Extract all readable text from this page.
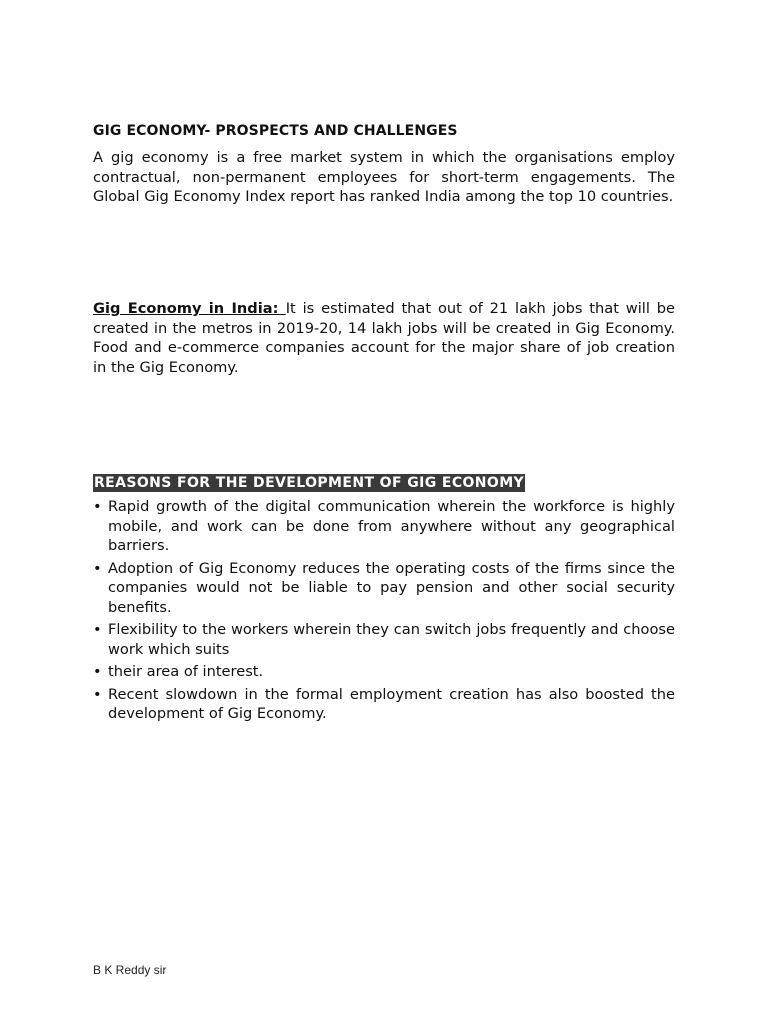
GIG ECONOMY- PROSPECTS AND CHALLENGES

A gig economy is a free market system in which the organisations employ contractual, non-permanent employees for short-term engagements. The Global Gig Economy Index report has ranked India among the top 10 countries.

Gig Economy in India: It is estimated that out of 21 lakh jobs that will be created in the metros in 2019-20, 14 lakh jobs will be created in Gig Economy. Food and e-commerce companies account for the major share of job creation in the Gig Economy.

REASONS FOR THE DEVELOPMENT OF GIG ECONOMY
• Rapid growth of the digital communication wherein the workforce is highly mobile, and work can be done from anywhere without any geographical barriers.
• Adoption of Gig Economy reduces the operating costs of the firms since the companies would not be liable to pay pension and other social security benefits.
• Flexibility to the workers wherein they can switch jobs frequently and choose work which suits
• their area of interest.
• Recent slowdown in the formal employment creation has also boosted the development of Gig Economy.
B K Reddy sir
